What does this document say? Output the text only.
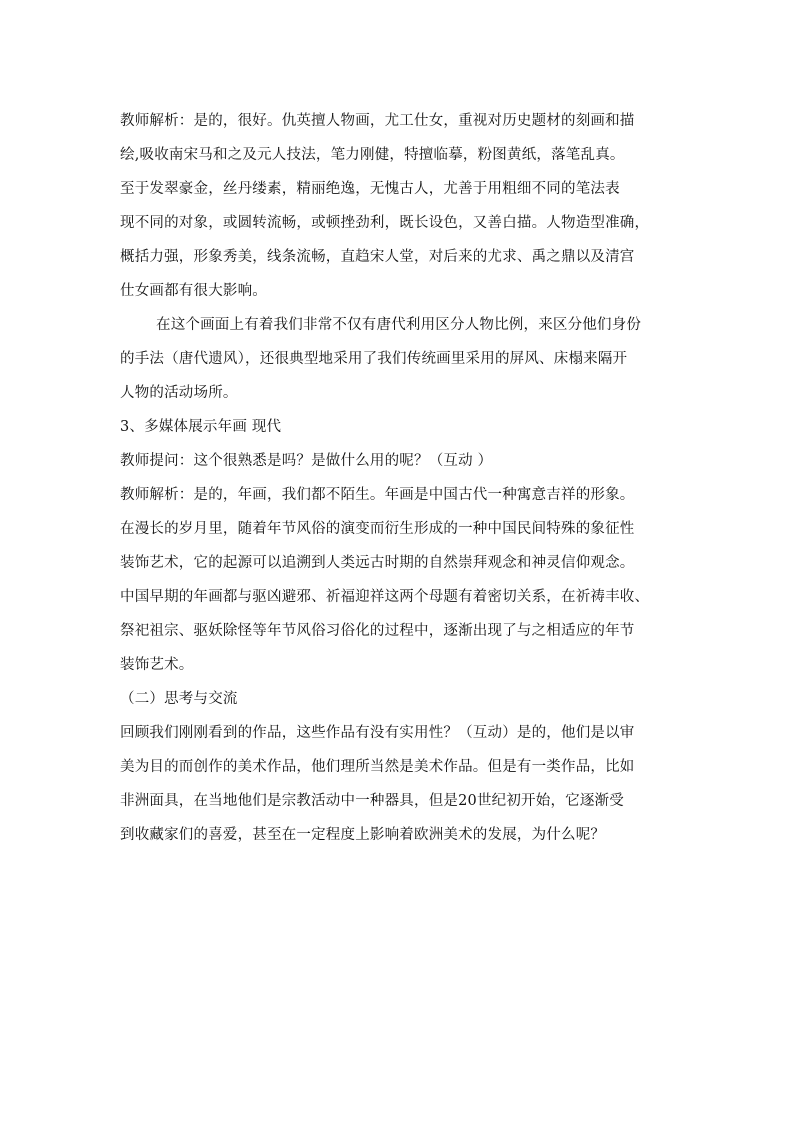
教师解析：是的，很好。仇英擅人物画，尤工仕女，重视对历史题材的刻画和描
绘,吸收南宋马和之及元人技法，笔力刚健，特擅临摹，粉图黄纸，落笔乱真。
至于发翠豪金，丝丹缕素，精丽绝逸，无愧古人，尤善于用粗细不同的笔法表
现不同的对象，或圆转流畅，或顿挫劲利，既长设色，又善白描。人物造型准确，
概括力强，形象秀美，线条流畅，直趋宋人堂，对后来的尤求、禹之鼎以及清宫
仕女画都有很大影响。
在这个画面上有着我们非常不仅有唐代利用区分人物比例，来区分他们身份
的手法（唐代遗风），还很典型地采用了我们传统画里采用的屏风、床榻来隔开
人物的活动场所。
3、多媒体展示年画 现代
教师提问：这个很熟悉是吗？是做什么用的呢？（互动 ）
教师解析：是的，年画，我们都不陌生。年画是中国古代一种寓意吉祥的形象。
在漫长的岁月里，随着年节风俗的演变而衍生形成的一种中国民间特殊的象征性
装饰艺术，它的起源可以追溯到人类远古时期的自然崇拜观念和神灵信仰观念。
中国早期的年画都与驱凶避邪、祈福迎祥这两个母题有着密切关系，在祈祷丰收、
祭祀祖宗、驱妖除怪等年节风俗习俗化的过程中，逐渐出现了与之相适应的年节
装饰艺术。
（二）思考与交流
回顾我们刚刚看到的作品，这些作品有没有实用性？（互动）是的，他们是以审
美为目的而创作的美术作品，他们理所当然是美术作品。但是有一类作品，比如
非洲面具，在当地他们是宗教活动中一种器具，但是20世纪初开始，它逐渐受
到收藏家们的喜爱，甚至在一定程度上影响着欧洲美术的发展，为什么呢？
